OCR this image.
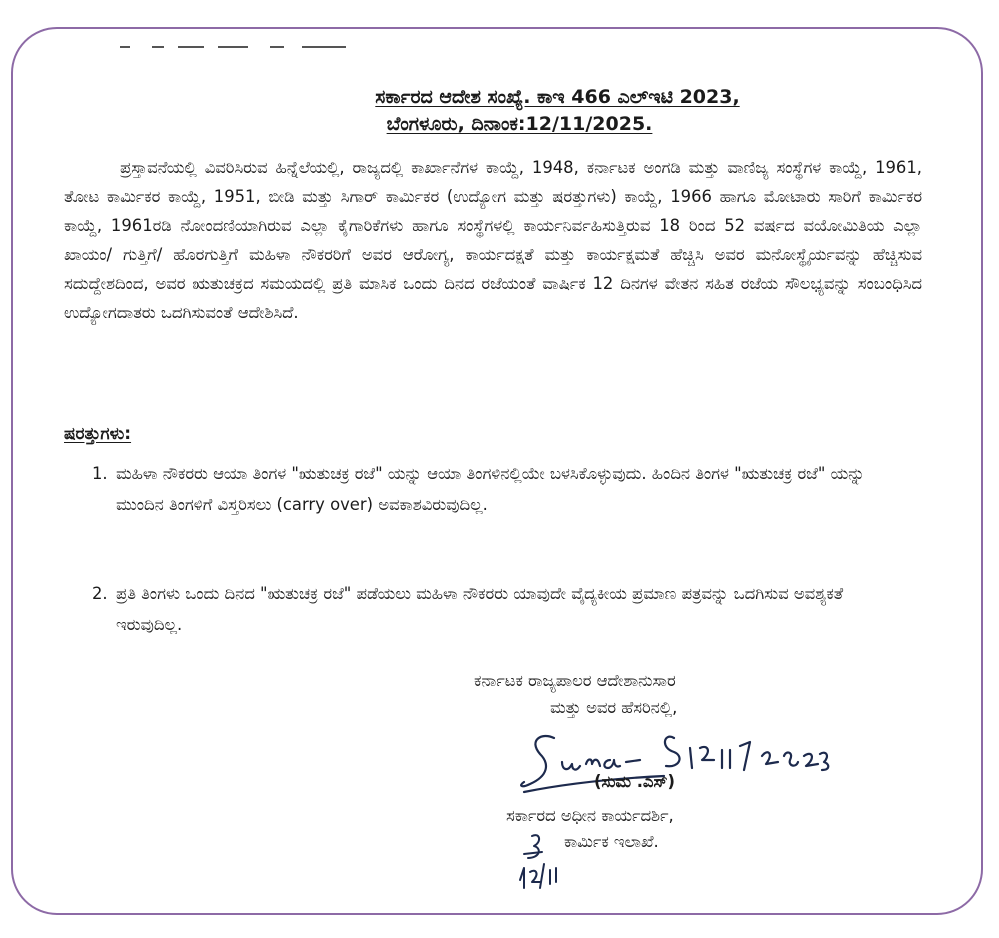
ಸರ್ಕಾರದ ಆದೇಶ ಸಂಖ್ಯೆ. ಕಾಇ 466 ಎಲ್‌ಇಟಿ 2023,
ಬೆಂಗಳೂರು, ದಿನಾಂಕ:12/11/2025.

ಪ್ರಸ್ತಾವನೆಯಲ್ಲಿ ವಿವರಿಸಿರುವ ಹಿನ್ನೆಲೆಯಲ್ಲಿ, ರಾಜ್ಯದಲ್ಲಿ ಕಾರ್ಖಾನೆಗಳ ಕಾಯ್ದೆ, 1948, ಕರ್ನಾಟಕ ಅಂಗಡಿ ಮತ್ತು ವಾಣಿಜ್ಯ ಸಂಸ್ಥೆಗಳ ಕಾಯ್ದೆ, 1961, ತೋಟ ಕಾರ್ಮಿಕರ ಕಾಯ್ದೆ, 1951, ಬೀಡಿ ಮತ್ತು ಸಿಗಾರ್ ಕಾರ್ಮಿಕರ (ಉದ್ಯೋಗ ಮತ್ತು ಷರತ್ತುಗಳು) ಕಾಯ್ದೆ, 1966 ಹಾಗೂ ಮೋಟಾರು ಸಾರಿಗೆ ಕಾರ್ಮಿಕರ ಕಾಯ್ದೆ, 1961ರಡಿ ನೋಂದಣಿಯಾಗಿರುವ ಎಲ್ಲಾ ಕೈಗಾರಿಕೆಗಳು ಹಾಗೂ ಸಂಸ್ಥೆಗಳಲ್ಲಿ ಕಾರ್ಯನಿರ್ವಹಿಸುತ್ತಿರುವ 18 ರಿಂದ 52 ವರ್ಷದ ವಯೋಮಿತಿಯ ಎಲ್ಲಾ ಖಾಯಂ/ ಗುತ್ತಿಗೆ/ ಹೊರಗುತ್ತಿಗೆ ಮಹಿಳಾ ನೌಕರರಿಗೆ ಅವರ ಆರೋಗ್ಯ, ಕಾರ್ಯದಕ್ಷತೆ ಮತ್ತು ಕಾರ್ಯಕ್ಷಮತೆ ಹೆಚ್ಚಿಸಿ ಅವರ ಮನೋಸ್ಥೈರ್ಯವನ್ನು ಹೆಚ್ಚಿಸುವ ಸದುದ್ದೇಶದಿಂದ, ಅವರ ಋತುಚಕ್ರದ ಸಮಯದಲ್ಲಿ ಪ್ರತಿ ಮಾಸಿಕ ಒಂದು ದಿನದ ರಜೆಯಂತೆ ವಾರ್ಷಿಕ 12 ದಿನಗಳ ವೇತನ ಸಹಿತ ರಜೆಯ ಸೌಲಭ್ಯವನ್ನು ಸಂಬಂಧಿಸಿದ ಉದ್ಯೋಗದಾತರು ಒದಗಿಸುವಂತೆ ಆದೇಶಿಸಿದೆ.

ಷರತ್ತುಗಳು:
1. ಮಹಿಳಾ ನೌಕರರು ಆಯಾ ತಿಂಗಳ "ಋತುಚಕ್ರ ರಜೆ" ಯನ್ನು ಆಯಾ ತಿಂಗಳಿನಲ್ಲಿಯೇ ಬಳಸಿಕೊಳ್ಳುವುದು. ಹಿಂದಿನ ತಿಂಗಳ "ಋತುಚಕ್ರ ರಜೆ" ಯನ್ನು ಮುಂದಿನ ತಿಂಗಳಿಗೆ ವಿಸ್ತರಿಸಲು (carry over) ಅವಕಾಶವಿರುವುದಿಲ್ಲ.
2. ಪ್ರತಿ ತಿಂಗಳು ಒಂದು ದಿನದ "ಋತುಚಕ್ರ ರಜೆ" ಪಡೆಯಲು ಮಹಿಳಾ ನೌಕರರು ಯಾವುದೇ ವೈದ್ಯಕೀಯ ಪ್ರಮಾಣ ಪತ್ರವನ್ನು ಒದಗಿಸುವ ಅವಶ್ಯಕತೆ ಇರುವುದಿಲ್ಲ.
ಕರ್ನಾಟಕ ರಾಜ್ಯಪಾಲರ ಆದೇಶಾನುಸಾರ
ಮತ್ತು ಅವರ ಹೆಸರಿನಲ್ಲಿ,
(ಸುಮ .ಎಸ್)
ಸರ್ಕಾರದ ಅಧೀನ ಕಾರ್ಯದರ್ಶಿ,
ಕಾರ್ಮಿಕ ಇಲಾಖೆ.
